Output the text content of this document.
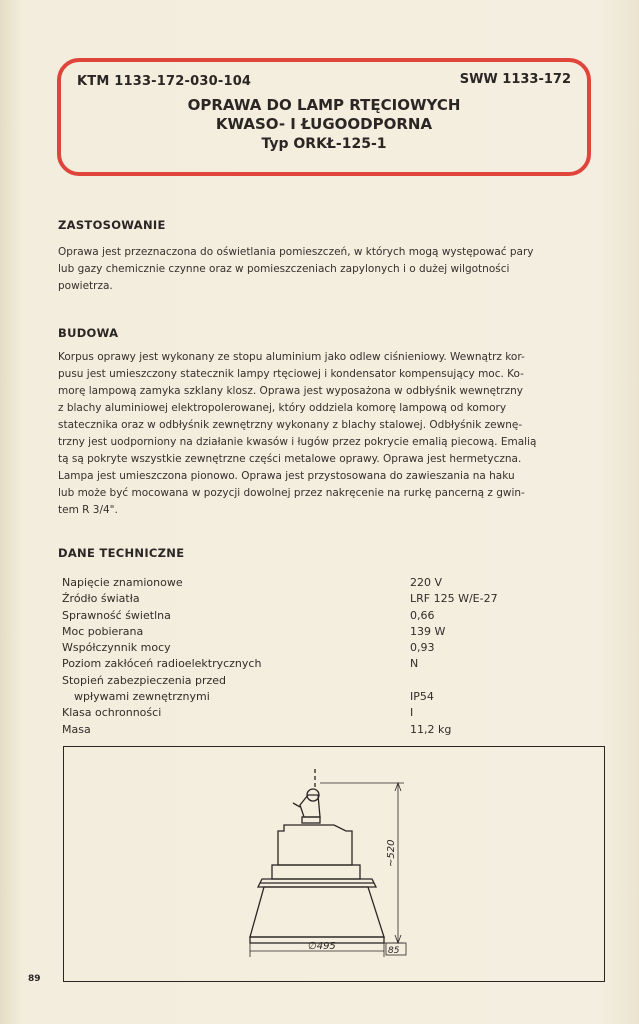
KTM 1133-172-030-104	SWW 1133-172
OPRAWA DO LAMP RTĘCIOWYCH
KWASO- I ŁUGOODPORNA
Typ ORKŁ-125-1
ZASTOSOWANIE
Oprawa jest przeznaczona do oświetlania pomieszczeń, w których mogą występować pary
lub gazy chemicznie czynne oraz w pomieszczeniach zapylonych i o dużej wilgotności
powietrza.
BUDOWA
Korpus oprawy jest wykonany ze stopu aluminium jako odlew ciśnieniowy. Wewnątrz kor-
pusu jest umieszczony statecznik lampy rtęciowej i kondensator kompensujący moc. Ko-
morę lampową zamyka szklany klosz. Oprawa jest wyposażona w odbłyśnik wewnętrzny
z blachy aluminiowej elektropolerowanej, który oddziela komorę lampową od komory
statecznika oraz w odbłyśnik zewnętrzny wykonany z blachy stalowej. Odbłyśnik zewnę-
trzny jest uodporniony na działanie kwasów i ługów przez pokrycie emalią piecową. Emalią
tą są pokryte wszystkie zewnętrzne części metalowe oprawy. Oprawa jest hermetyczna.
Lampa jest umieszczona pionowo. Oprawa jest przystosowana do zawieszania na haku
lub może być mocowana w pozycji dowolnej przez nakręcenie na rurkę pancerną z gwin-
tem R 3/4".
DANE TECHNICZNE
Napięcie znamionowe	220 V
Źródło światła	LRF 125 W/E-27
Sprawność świetlna	0,66
Moc pobierana	139 W
Współczynnik mocy	0,93
Poziom zakłóceń radioelektrycznych	N
Stopień zabezpieczenia przed
wpływami zewnętrznymi	IP54
Klasa ochronności	I
Masa	11,2 kg
~520
∅495	85
89
